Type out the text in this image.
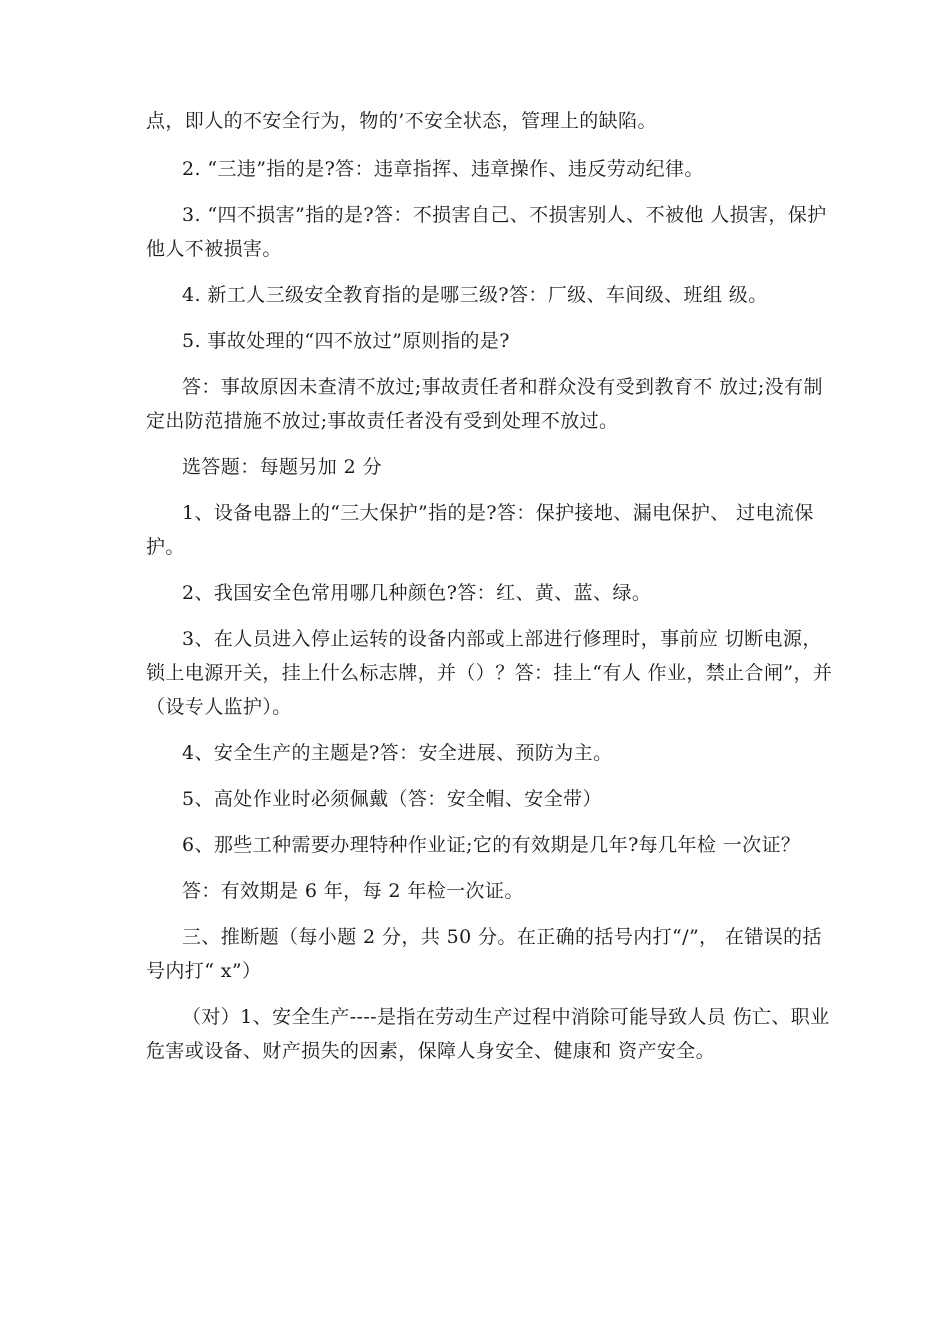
点，即人的不安全行为，物的’不安全状态，管理上的缺陷。

2. “三违”指的是?答：违章指挥、违章操作、违反劳动纪律。

3. “四不损害”指的是?答：不损害自己、不损害别人、不被他 人损害，保护他人不被损害。

4. 新工人三级安全教育指的是哪三级?答：厂级、车间级、班组 级。

5. 事故处理的“四不放过”原则指的是?

答：事故原因未查清不放过;事故责任者和群众没有受到教育不 放过;没有制定出防范措施不放过;事故责任者没有受到处理不放过。

选答题：每题另加 2 分

1、设备电器上的“三大保护”指的是?答：保护接地、漏电保护、 过电流保护。

2、我国安全色常用哪几种颜色?答：红、黄、蓝、绿。

3、在人员进入停止运转的设备内部或上部进行修理时，事前应 切断电源，锁上电源开关，挂上什么标志牌，并（）？答：挂上“有人 作业，禁止合闸”，并（设专人监护）。

4、安全生产的主题是?答：安全进展、预防为主。

5、高处作业时必须佩戴（答：安全帽、安全带）

6、那些工种需要办理特种作业证;它的有效期是几年?每几年检 一次证？

答：有效期是 6 年，每 2 年检一次证。

三、推断题（每小题 2 分，共 50 分。在正确的括号内打“/”， 在错误的括号内打“ x”）

（对）1、安全生产----是指在劳动生产过程中消除可能导致人员 伤亡、职业危害或设备、财产损失的因素，保障人身安全、健康和 资产安全。
